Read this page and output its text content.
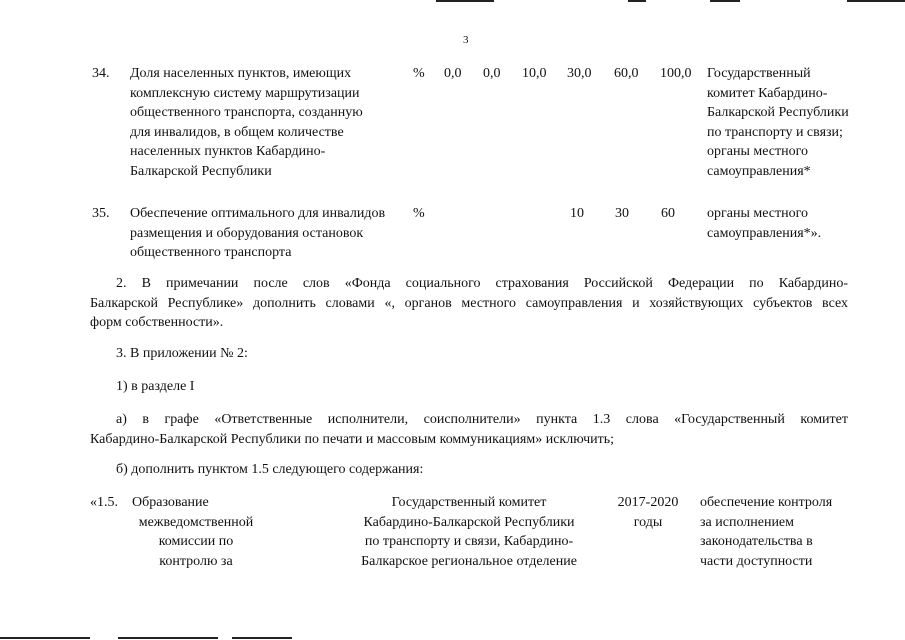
3
34. Доля населенных пунктов, имеющих
комплексную систему маршрутизации
общественного транспорта, созданную
для инвалидов, в общем количестве
населенных пунктов Кабардино-
Балкарской Республики
% 0,0 0,0 10,0 30,0 60,0 100,0 Государственный
комитет Кабардино-
Балкарской Республики
по транспорту и связи;
органы местного
самоуправления*
35. Обеспечение оптимального для инвалидов
размещения и оборудования остановок
общественного транспорта
%	10 30 60 органы местного
самоуправления*».
2. В примечании после слов «Фонда социального страхования Российской Федерации по Кабардино-
Балкарской Республике» дополнить словами «, органов местного самоуправления и хозяйствующих субъектов всех
форм собственности».
3. В приложении № 2:
1) в разделе I
а) в графе «Ответственные исполнители, соисполнители» пункта 1.3 слова «Государственный комитет
Кабардино-Балкарской Республики по печати и массовым коммуникациям» исключить;
б) дополнить пунктом 1.5 следующего содержания:
«1.5.	Образование
межведомственной
комиссии по
контролю за
Государственный комитет
Кабардино-Балкарской Республики
по транспорту и связи, Кабардино-
Балкарское региональное отделение
2017-2020
годы
обеспечение контроля
за исполнением
законодательства в
части доступности
